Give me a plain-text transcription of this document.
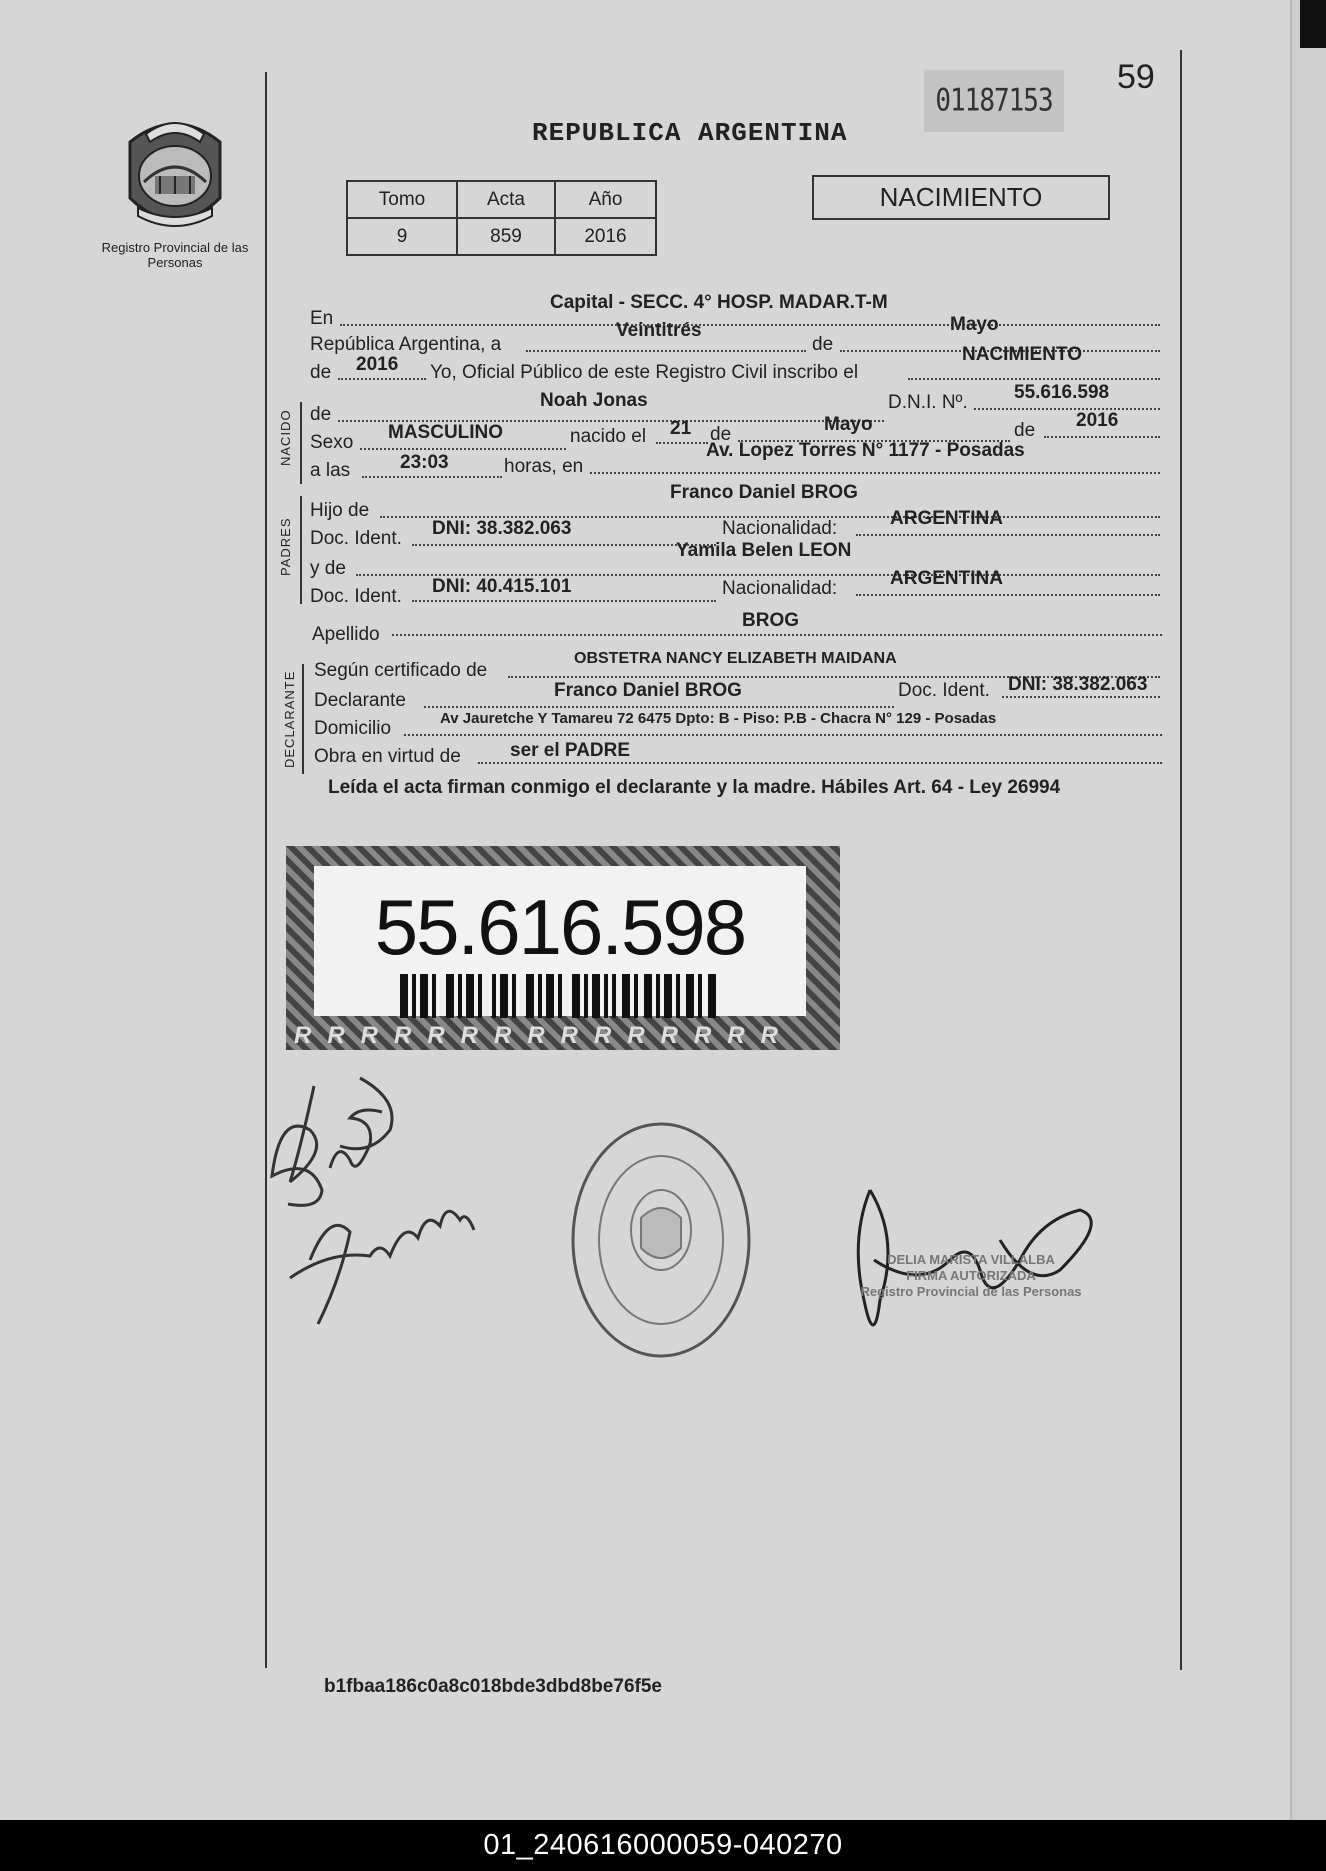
Registro Provincial de las Personas
59
01187153
REPUBLICA ARGENTINA
Tomo	Acta	Año
9	859	2016
NACIMIENTO
En
Capital - SECC. 4° HOSP. MADAR.T-M
República Argentina, a
Veintitrés
de
Mayo
de 2016 Yo, Oficial Público de este Registro Civil inscribo el
NACIMIENTO
NACIDO de
Noah Jonas	D.N.I. Nº. 55.616.598
Sexo MASCULINO	nacido el 21 de	Mayo	de 2016
a las	23:03	horas, en
Av. Lopez Torres N° 1177 - Posadas
PADRES
Hijo de
Franco Daniel BROG
Doc. Ident. DNI: 38.382.063	Nacionalidad:	ARGENTINA
y de
Yamila Belen LEON
Doc. Ident. DNI: 40.415.101	Nacionalidad:	ARGENTINA
Apellido
BROG
DECLARANTE
Según certificado de
OBSTETRA NANCY ELIZABETH MAIDANA
Declarante	Franco Daniel BROG	Doc. Ident. DNI: 38.382.063
Domicilio	Av Jauretche Y Tamareu 72 6475 Dpto: B - Piso: P.B - Chacra N° 129 - Posadas
Obra en virtud de	ser el PADRE
Leída el acta firman conmigo el declarante y la madre. Hábiles Art. 64 - Ley 26994
55.616.598
RRRRRRRRRRRRRRR
DELIA MARISTA VILLALBA
FIRMA AUTORIZADA
Registro Provincial de las Personas
b1fbaa186c0a8c018bde3dbd8be76f5e
01_240616000059-040270
